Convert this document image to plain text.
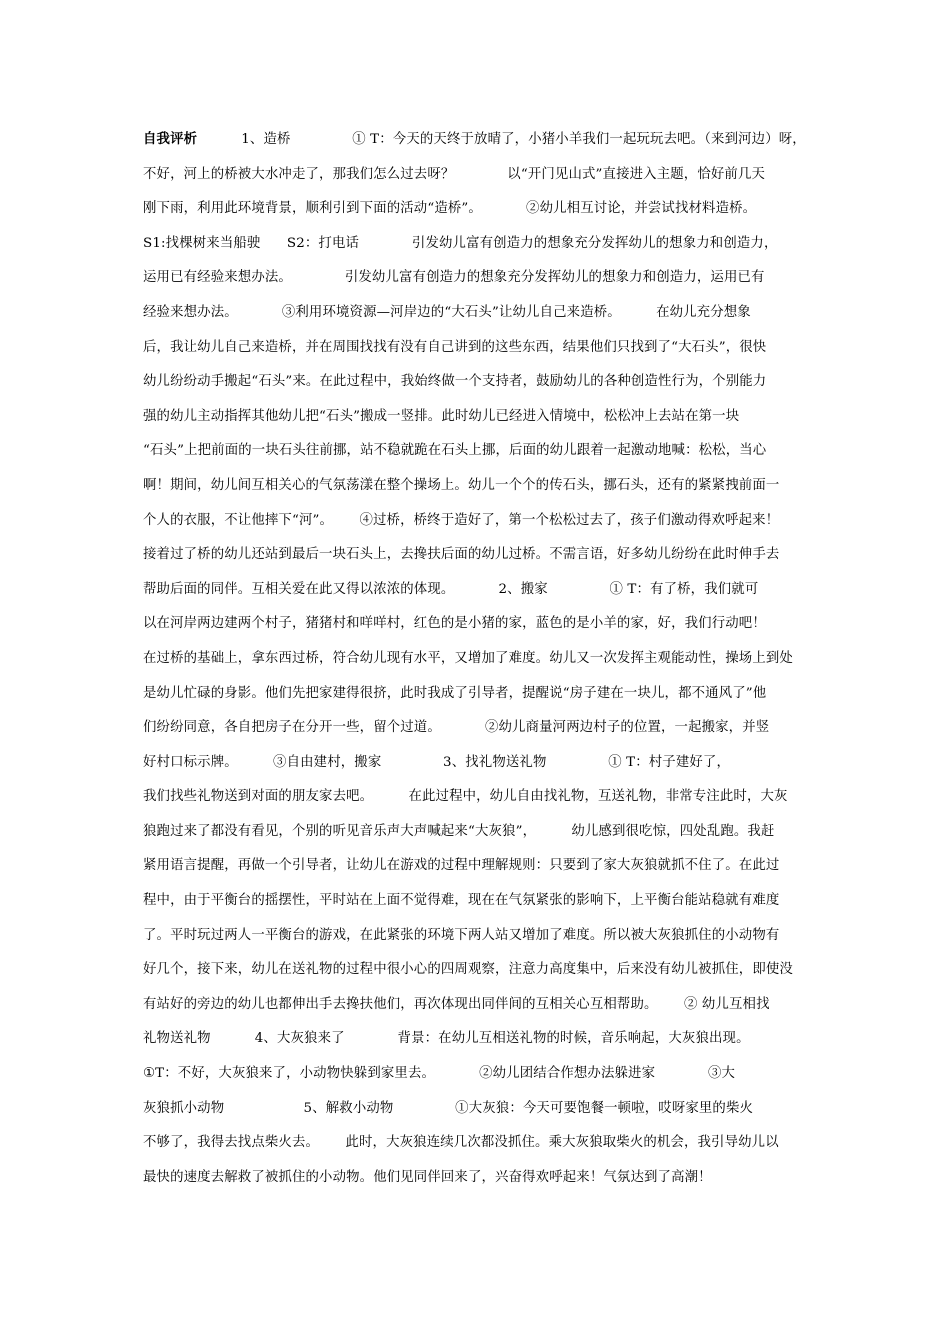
自我评析          1、造桥              ① T：今天的天终于放晴了，小猪小羊我们一起玩玩去吧。（来到河边）呀，
不好，河上的桥被大水冲走了，那我们怎么过去呀？            以“开门见山式”直接进入主题，恰好前几天
刚下雨，利用此环境背景，顺利引到下面的活动“造桥”。          ②幼儿相互讨论，并尝试找材料造桥。
S1:找棵树来当船驶      S2：打电话            引发幼儿富有创造力的想象充分发挥幼儿的想象力和创造力，
运用已有经验来想办法。            引发幼儿富有创造力的想象充分发挥幼儿的想象力和创造力，运用已有
经验来想办法。          ③利用环境资源—河岸边的“大石头”让幼儿自己来造桥。        在幼儿充分想象
后，我让幼儿自己来造桥，并在周围找找有没有自己讲到的这些东西，结果他们只找到了“大石头”，很快
幼儿纷纷动手搬起“石头”来。在此过程中，我始终做一个支持者，鼓励幼儿的各种创造性行为，个别能力
强的幼儿主动指挥其他幼儿把“石头”搬成一竖排。此时幼儿已经进入情境中，松松冲上去站在第一块
“石头”上把前面的一块石头往前挪，站不稳就跪在石头上挪，后面的幼儿跟着一起激动地喊：松松，当心
啊！期间，幼儿间互相关心的气氛荡漾在整个操场上。幼儿一个个的传石头，挪石头，还有的紧紧拽前面一
个人的衣服，不让他摔下“河”。      ④过桥，桥终于造好了，第一个松松过去了，孩子们激动得欢呼起来！
接着过了桥的幼儿还站到最后一块石头上，去搀扶后面的幼儿过桥。不需言语，好多幼儿纷纷在此时伸手去
帮助后面的同伴。互相关爱在此又得以浓浓的体现。          2、搬家              ① T：有了桥，我们就可
以在河岸两边建两个村子，猪猪村和咩咩村，红色的是小猪的家，蓝色的是小羊的家，好，我们行动吧！
在过桥的基础上，拿东西过桥，符合幼儿现有水平，又增加了难度。幼儿又一次发挥主观能动性，操场上到处
是幼儿忙碌的身影。他们先把家建得很挤，此时我成了引导者，提醒说“房子建在一块儿，都不通风了”他
们纷纷同意，各自把房子在分开一些，留个过道。          ②幼儿商量河两边村子的位置，一起搬家，并竖
好村口标示牌。        ③自由建村，搬家              3、找礼物送礼物              ① T：村子建好了，
我们找些礼物送到对面的朋友家去吧。        在此过程中，幼儿自由找礼物，互送礼物，非常专注此时，大灰
狼跑过来了都没有看见，个别的听见音乐声大声喊起来“大灰狼”，        幼儿感到很吃惊，四处乱跑。我赶
紧用语言提醒，再做一个引导者，让幼儿在游戏的过程中理解规则：只要到了家大灰狼就抓不住了。在此过
程中，由于平衡台的摇摆性，平时站在上面不觉得难，现在在气氛紧张的影响下，上平衡台能站稳就有难度
了。平时玩过两人一平衡台的游戏，在此紧张的环境下两人站又增加了难度。所以被大灰狼抓住的小动物有
好几个，接下来，幼儿在送礼物的过程中很小心的四周观察，注意力高度集中，后来没有幼儿被抓住，即使没
有站好的旁边的幼儿也都伸出手去搀扶他们，再次体现出同伴间的互相关心互相帮助。      ② 幼儿互相找
礼物送礼物          4、大灰狼来了            背景：在幼儿互相送礼物的时候，音乐响起，大灰狼出现。
①T：不好，大灰狼来了，小动物快躲到家里去。          ②幼儿团结合作想办法躲进家            ③大
灰狼抓小动物                  5、解救小动物              ①大灰狼：今天可要饱餐一顿啦，哎呀家里的柴火
不够了，我得去找点柴火去。      此时，大灰狼连续几次都没抓住。乘大灰狼取柴火的机会，我引导幼儿以
最快的速度去解救了被抓住的小动物。他们见同伴回来了，兴奋得欢呼起来！气氛达到了高潮！
